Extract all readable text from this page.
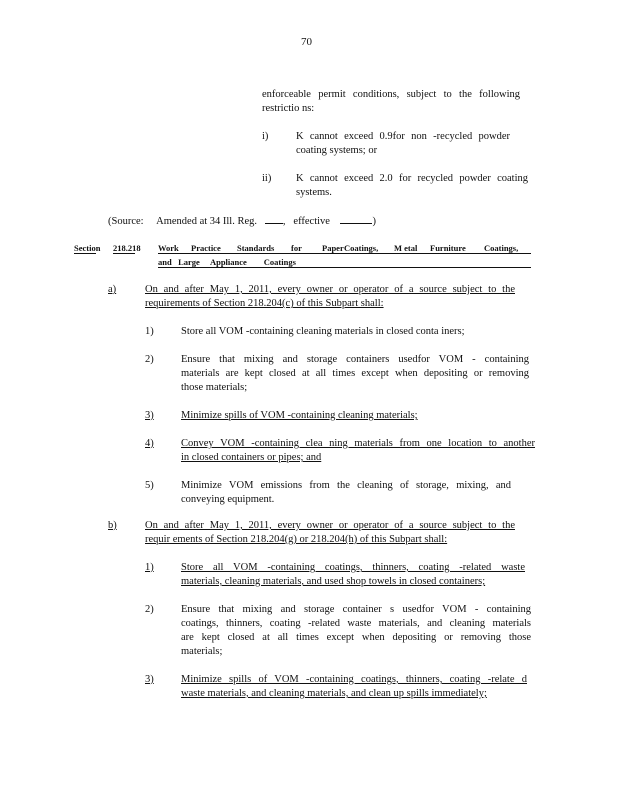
70
enforceable permit conditions, subject to the following
restrictio ns:
i)	K cannot exceed 0.9for non -recycled powder
coating systems; or
ii) K cannot exceed 2.0 for recycled powder coating
systems.
(Source: Amended at 34 Ill. Reg. ,   effective	)
Section 218.218 Work Practice Standards for Paper Coatings, M etal Furniture Coatings,
and   Large     Appliance        Coatings
a)	On and after May 1, 2011, every owner or operator of a source subject to the
requirements of Section 218.204(c) of this Subpart shall:
1)	Store all VOM -containing cleaning materials in closed conta iners;
2)	Ensure that mixing and storage containers usedfor VOM - containing
materials are kept closed at all times except when depositing or removing
those materials;
3)	Minimize spills of VOM -containing cleaning materials;
4)	Convey VOM -containing clea ning materials from one location to another
in closed containers or pipes; and
5)	Minimize VOM emissions from the cleaning of storage, mixing, and
conveying equipment.
b)	On and after May 1, 2011, every owner or operator of a source subject to the
requir ements of Section 218.204(g) or 218.204(h) of this Subpart shall:
1)	Store all VOM -containing coatings, thinners, coating -related waste
materials, cleaning materials, and used shop towels in closed containers;
2)	Ensure that mixing and storage container s usedfor VOM - containing
coatings, thinners, coating -related waste materials, and cleaning materials
are kept closed at all times except when depositing or removing those
materials;
3)	Minimize spills of VOM -containing coatings, thinners, coating -relate d
waste materials, and cleaning materials, and clean up spills immediately;
